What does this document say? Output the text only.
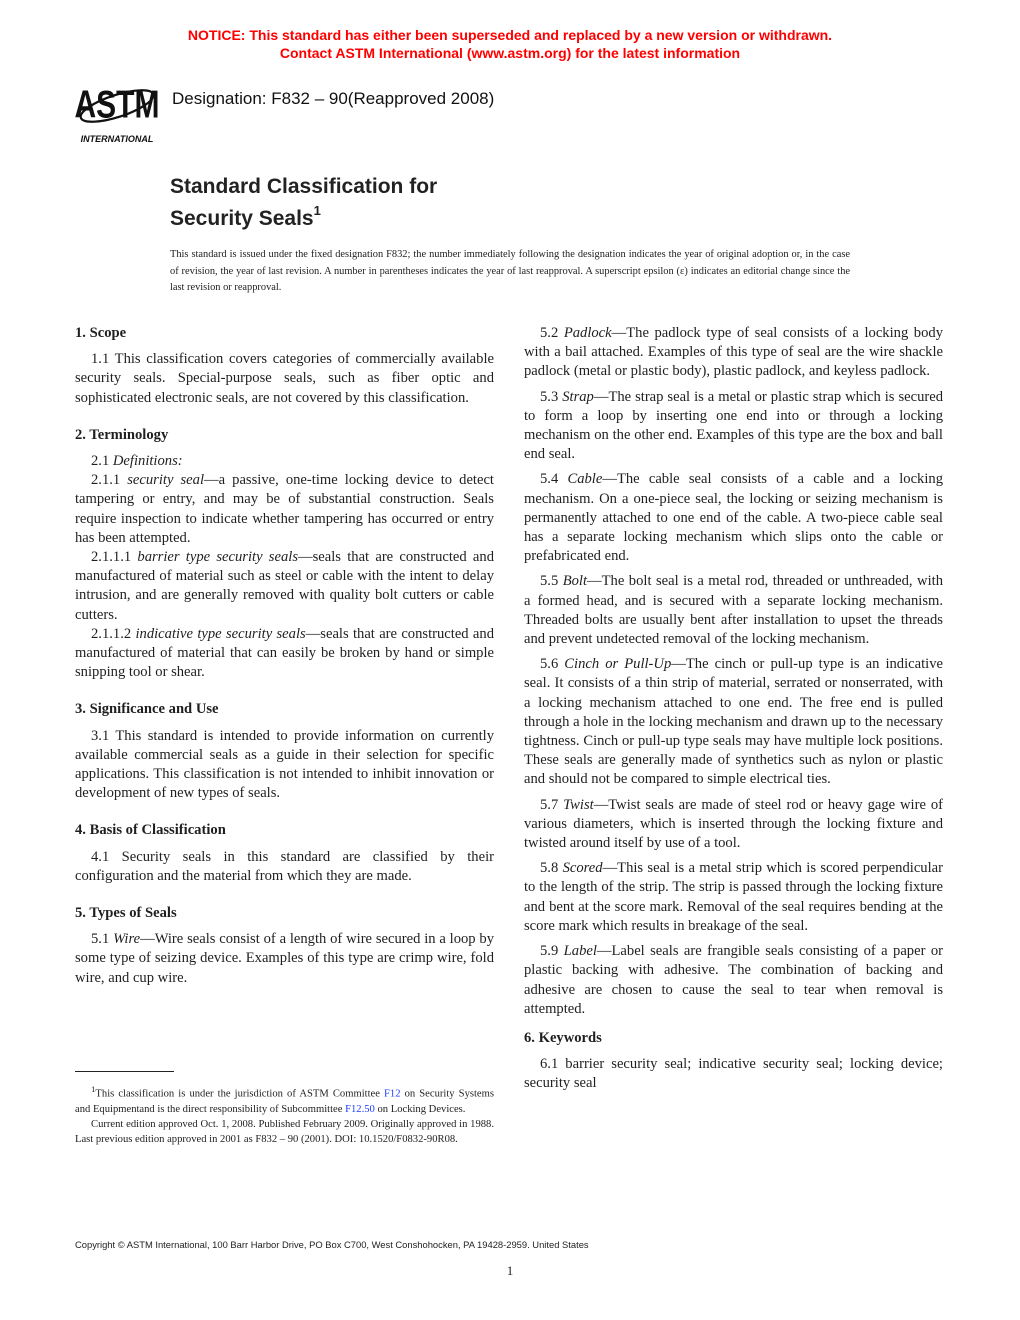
NOTICE: This standard has either been superseded and replaced by a new version or withdrawn.
Contact ASTM International (www.astm.org) for the latest information
ASTM
INTERNATIONAL
Designation: F832 – 90(Reapproved 2008)
Standard Classification for
Security Seals$^1$
This standard is issued under the fixed designation F832; the number immediately following the designation indicates the year of original adoption or, in the case of revision, the year of last revision. A number in parentheses indicates the year of last reapproval. A superscript epsilon (ε) indicates an editorial change since the last revision or reapproval.
1. Scope

1.1 This classification covers categories of commercially available security seals. Special-purpose seals, such as fiber optic and sophisticated electronic seals, are not covered by this classification.

2. Terminology

2.1 Definitions:

2.1.1 security seal—a passive, one-time locking device to detect tampering or entry, and may be of substantial construction. Seals require inspection to indicate whether tampering has occurred or entry has been attempted.

2.1.1.1 barrier type security seals—seals that are constructed and manufactured of material such as steel or cable with the intent to delay intrusion, and are generally removed with quality bolt cutters or cable cutters.

2.1.1.2 indicative type security seals—seals that are constructed and manufactured of material that can easily be broken by hand or simple snipping tool or shear.

3. Significance and Use

3.1 This standard is intended to provide information on currently available commercial seals as a guide in their selection for specific applications. This classification is not intended to inhibit innovation or development of new types of seals.

4. Basis of Classification

4.1 Security seals in this standard are classified by their configuration and the material from which they are made.

5. Types of Seals

5.1 Wire—Wire seals consist of a length of wire secured in a loop by some type of seizing device. Examples of this type are crimp wire, fold wire, and cup wire.

5.2 Padlock—The padlock type of seal consists of a locking body with a bail attached. Examples of this type of seal are the wire shackle padlock (metal or plastic body), plastic padlock, and keyless padlock.

5.3 Strap—The strap seal is a metal or plastic strap which is secured to form a loop by inserting one end into or through a locking mechanism on the other end. Examples of this type are the box and ball end seal.

5.4 Cable—The cable seal consists of a cable and a locking mechanism. On a one-piece seal, the locking or seizing mechanism is permanently attached to one end of the cable. A two-piece cable seal has a separate locking mechanism which slips onto the cable or prefabricated end.

5.5 Bolt—The bolt seal is a metal rod, threaded or unthreaded, with a formed head, and is secured with a separate locking mechanism. Threaded bolts are usually bent after installation to upset the threads and prevent undetected removal of the locking mechanism.

5.6 Cinch or Pull-Up—The cinch or pull-up type is an indicative seal. It consists of a thin strip of material, serrated or nonserrated, with a locking mechanism attached to one end. The free end is pulled through a hole in the locking mechanism and drawn up to the necessary tightness. Cinch or pull-up type seals may have multiple lock positions. These seals are generally made of synthetics such as nylon or plastic and should not be compared to simple electrical ties.

5.7 Twist—Twist seals are made of steel rod or heavy gage wire of various diameters, which is inserted through the locking fixture and twisted around itself by use of a tool.

5.8 Scored—This seal is a metal strip which is scored perpendicular to the length of the strip. The strip is passed through the locking fixture and bent at the score mark. Removal of the seal requires bending at the score mark which results in breakage of the seal.

5.9 Label—Label seals are frangible seals consisting of a paper or plastic backing with adhesive. The combination of backing and adhesive are chosen to cause the seal to tear when removal is attempted.

6. Keywords

6.1 barrier security seal; indicative security seal; locking device; security seal

$^1$This classification is under the jurisdiction of ASTM Committee F12 on Security Systems and Equipmentand is the direct responsibility of Subcommittee F12.50 on Locking Devices.

Current edition approved Oct. 1, 2008. Published February 2009. Originally approved in 1988. Last previous edition approved in 2001 as F832 – 90 (2001). DOI: 10.1520/F0832-90R08.

Copyright © ASTM International, 100 Barr Harbor Drive, PO Box C700, West Conshohocken, PA 19428-2959. United States
1
